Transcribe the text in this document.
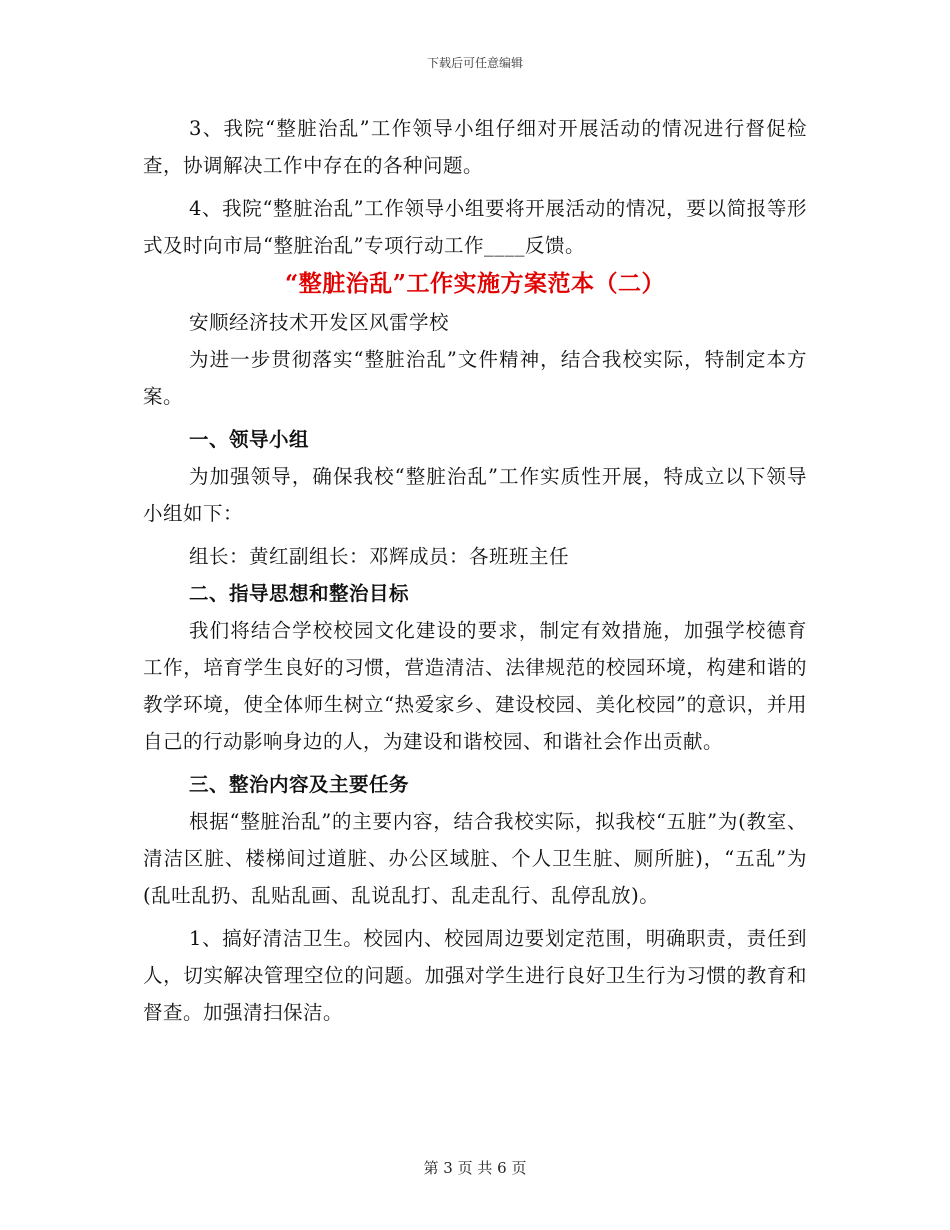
下载后可任意编辑

3、我院“整脏治乱”工作领导小组仔细对开展活动的情况进行督促检查，协调解决工作中存在的各种问题。

4、我院“整脏治乱”工作领导小组要将开展活动的情况，要以简报等形式及时向市局“整脏治乱”专项行动工作____反馈。

“整脏治乱”工作实施方案范本（二）

安顺经济技术开发区风雷学校

为进一步贯彻落实“整脏治乱”文件精神，结合我校实际，特制定本方案。

一、领导小组

为加强领导，确保我校“整脏治乱”工作实质性开展，特成立以下领导小组如下：

组长：黄红副组长：邓辉成员：各班班主任

二、指导思想和整治目标

我们将结合学校校园文化建设的要求，制定有效措施，加强学校德育工作，培育学生良好的习惯，营造清洁、法律规范的校园环境，构建和谐的教学环境，使全体师生树立“热爱家乡、建设校园、美化校园”的意识，并用自己的行动影响身边的人，为建设和谐校园、和谐社会作出贡献。

三、整治内容及主要任务

根据“整脏治乱”的主要内容，结合我校实际，拟我校“五脏”为(教室、清洁区脏、楼梯间过道脏、办公区域脏、个人卫生脏、厕所脏)，“五乱”为(乱吐乱扔、乱贴乱画、乱说乱打、乱走乱行、乱停乱放)。

1、搞好清洁卫生。校园内、校园周边要划定范围，明确职责，责任到人，切实解决管理空位的问题。加强对学生进行良好卫生行为习惯的教育和督查。加强清扫保洁。

第 3 页 共 6 页
